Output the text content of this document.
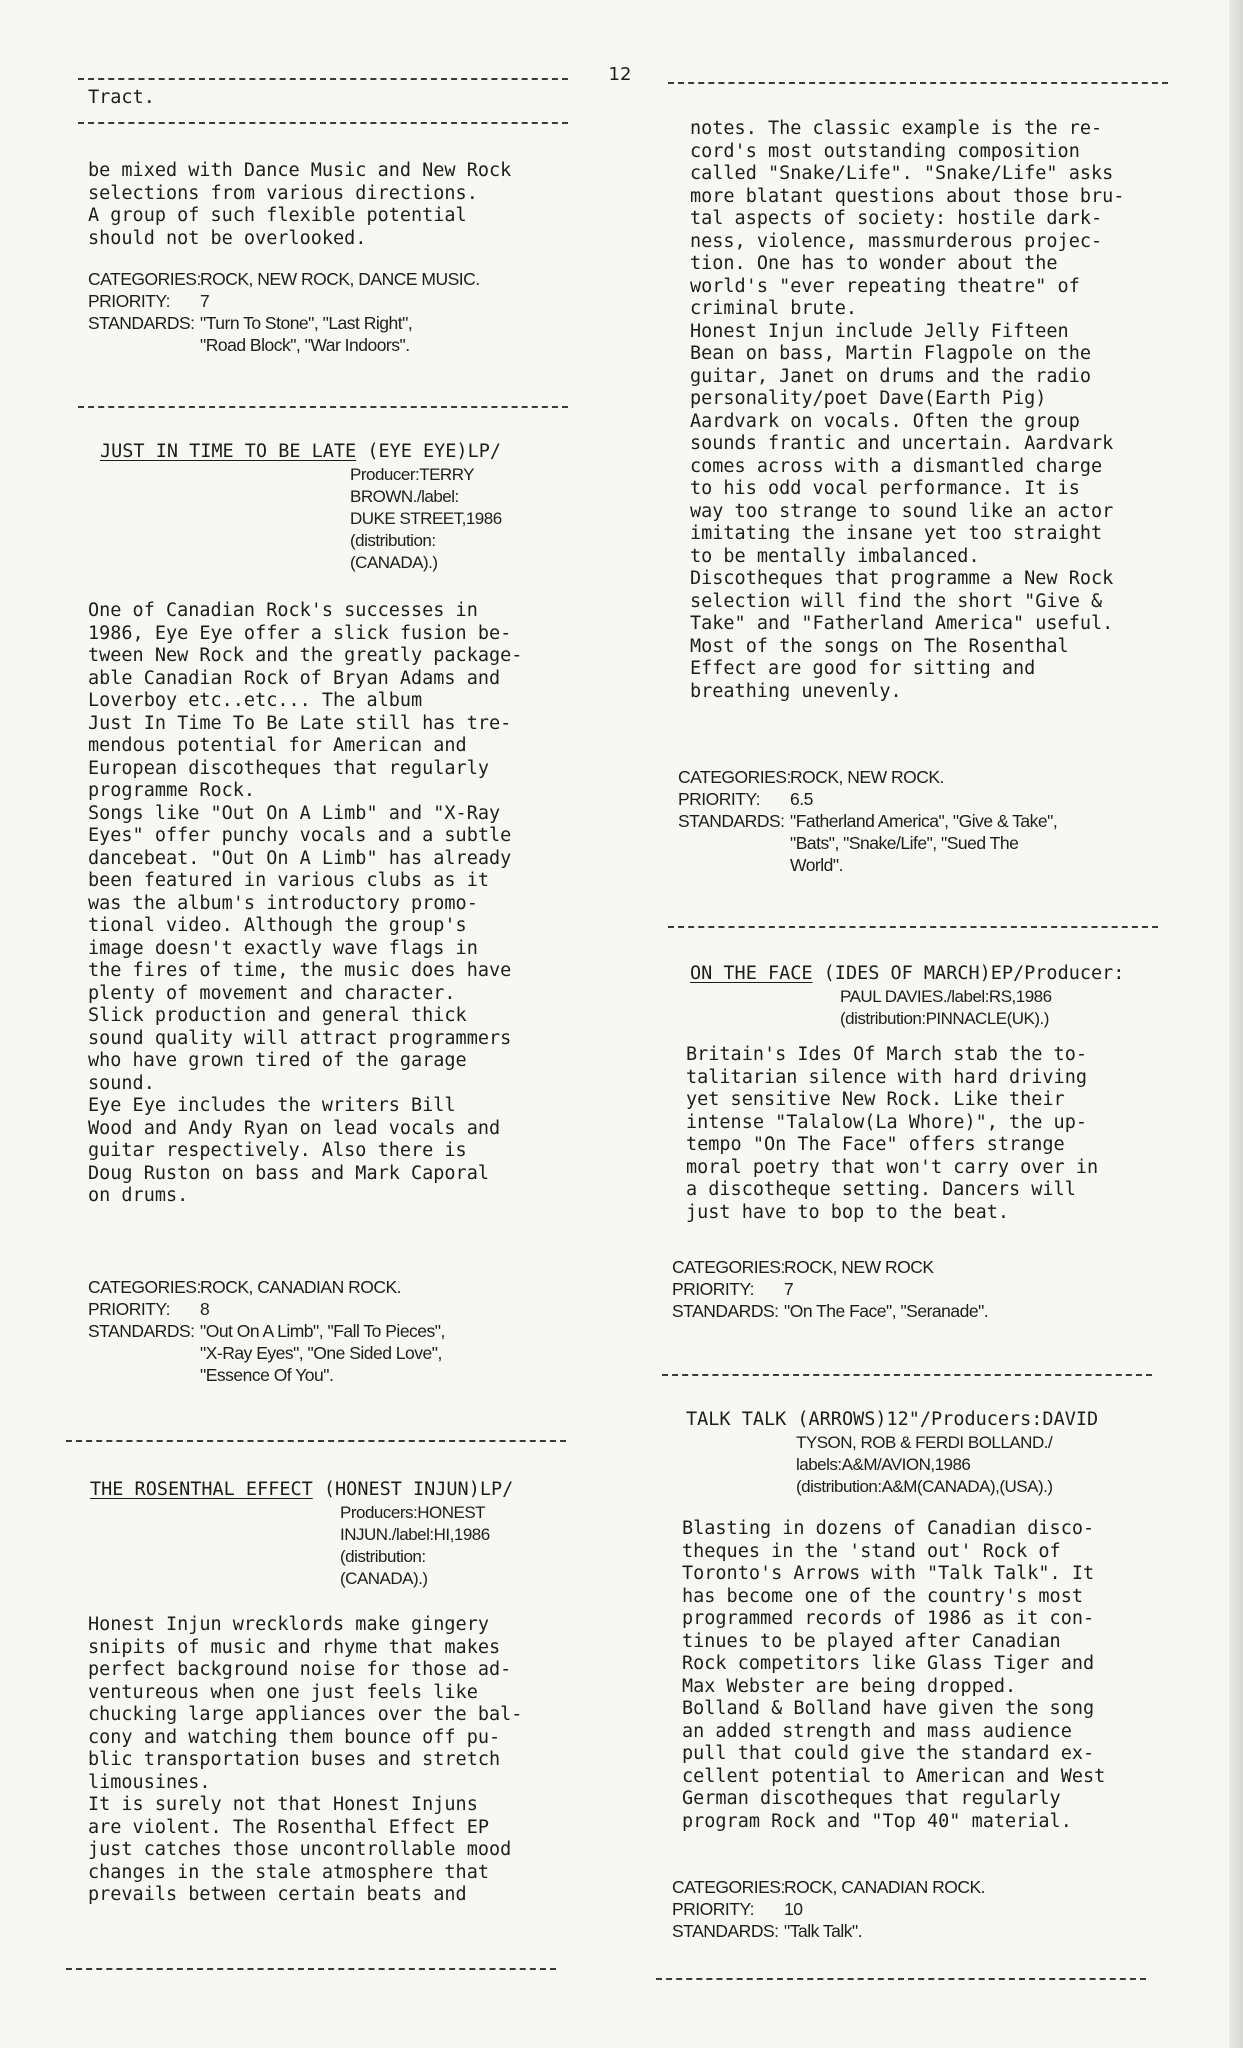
12
Tract.

be mixed with Dance Music and New Rock
selections from various directions.
A group of such flexible potential
should not be overlooked.

CATEGORIES: ROCK, NEW ROCK, DANCE MUSIC.
PRIORITY:	7
STANDARDS: "Turn To Stone", "Last Right",
"Road Block", "War Indoors".
JUST IN TIME TO BE LATE (EYE EYE)LP/
Producer:TERRY
BROWN./label:
DUKE STREET,1986
(distribution:
(CANADA).)

One of Canadian Rock's successes in
1986, Eye Eye offer a slick fusion be-
tween New Rock and the greatly package-
able Canadian Rock of Bryan Adams and
Loverboy etc..etc... The album
Just In Time To Be Late still has tre-
mendous potential for American and
European discotheques that regularly
programme Rock.
Songs like "Out On A Limb" and "X-Ray
Eyes" offer punchy vocals and a subtle
dancebeat. "Out On A Limb" has already
been featured in various clubs as it
was the album's introductory promo-
tional video. Although the group's
image doesn't exactly wave flags in
the fires of time, the music does have
plenty of movement and character.
Slick production and general thick
sound quality will attract programmers
who have grown tired of the garage
sound.
Eye Eye includes the writers Bill
Wood and Andy Ryan on lead vocals and
guitar respectively. Also there is
Doug Ruston on bass and Mark Caporal
on drums.

CATEGORIES: ROCK, CANADIAN ROCK.
PRIORITY:	8
STANDARDS: "Out On A Limb", "Fall To Pieces",
"X-Ray Eyes", "One Sided Love",
"Essence Of You".
THE ROSENTHAL EFFECT (HONEST INJUN)LP/
Producers:HONEST
INJUN./label:HI,1986
(distribution:
(CANADA).)

Honest Injun wrecklords make gingery
snipits of music and rhyme that makes
perfect background noise for those ad-
ventureous when one just feels like
chucking large appliances over the bal-
cony and watching them bounce off pu-
blic transportation buses and stretch
limousines.
It is surely not that Honest Injuns
are violent. The Rosenthal Effect EP
just catches those uncontrollable mood
changes in the stale atmosphere that
prevails between certain beats and

notes. The classic example is the re-
cord's most outstanding composition
called "Snake/Life". "Snake/Life" asks
more blatant questions about those bru-
tal aspects of society: hostile dark-
ness, violence, massmurderous projec-
tion. One has to wonder about the
world's "ever repeating theatre" of
criminal brute.
Honest Injun include Jelly Fifteen
Bean on bass, Martin Flagpole on the
guitar, Janet on drums and the radio
personality/poet Dave(Earth Pig)
Aardvark on vocals. Often the group
sounds frantic and uncertain. Aardvark
comes across with a dismantled charge
to his odd vocal performance. It is
way too strange to sound like an actor
imitating the insane yet too straight
to be mentally imbalanced.
Discotheques that programme a New Rock
selection will find the short "Give &
Take" and "Fatherland America" useful.
Most of the songs on The Rosenthal
Effect are good for sitting and
breathing unevenly.

CATEGORIES: ROCK, NEW ROCK.
PRIORITY:	6.5
STANDARDS: "Fatherland America", "Give & Take",
"Bats", "Snake/Life", "Sued The
World".
ON THE FACE (IDES OF MARCH)EP/Producer:
PAUL DAVIES./label:RS,1986
(distribution:PINNACLE(UK).)

Britain's Ides Of March stab the to-
talitarian silence with hard driving
yet sensitive New Rock. Like their
intense "Talalow(La Whore)", the up-
tempo "On The Face" offers strange
moral poetry that won't carry over in
a discotheque setting. Dancers will
just have to bop to the beat.

CATEGORIES: ROCK, NEW ROCK
PRIORITY:	7
STANDARDS: "On The Face", "Seranade".
TALK TALK (ARROWS)12"/Producers:DAVID
TYSON, ROB & FERDI BOLLAND./
labels:A&M/AVION,1986
(distribution:A&M(CANADA),(USA).)

Blasting in dozens of Canadian disco-
theques in the 'stand out' Rock of
Toronto's Arrows with "Talk Talk". It
has become one of the country's most
programmed records of 1986 as it con-
tinues to be played after Canadian
Rock competitors like Glass Tiger and
Max Webster are being dropped.
Bolland & Bolland have given the song
an added strength and mass audience
pull that could give the standard ex-
cellent potential to American and West
German discotheques that regularly
program Rock and "Top 40" material.

CATEGORIES: ROCK, CANADIAN ROCK.
PRIORITY:	10
STANDARDS: "Talk Talk".
